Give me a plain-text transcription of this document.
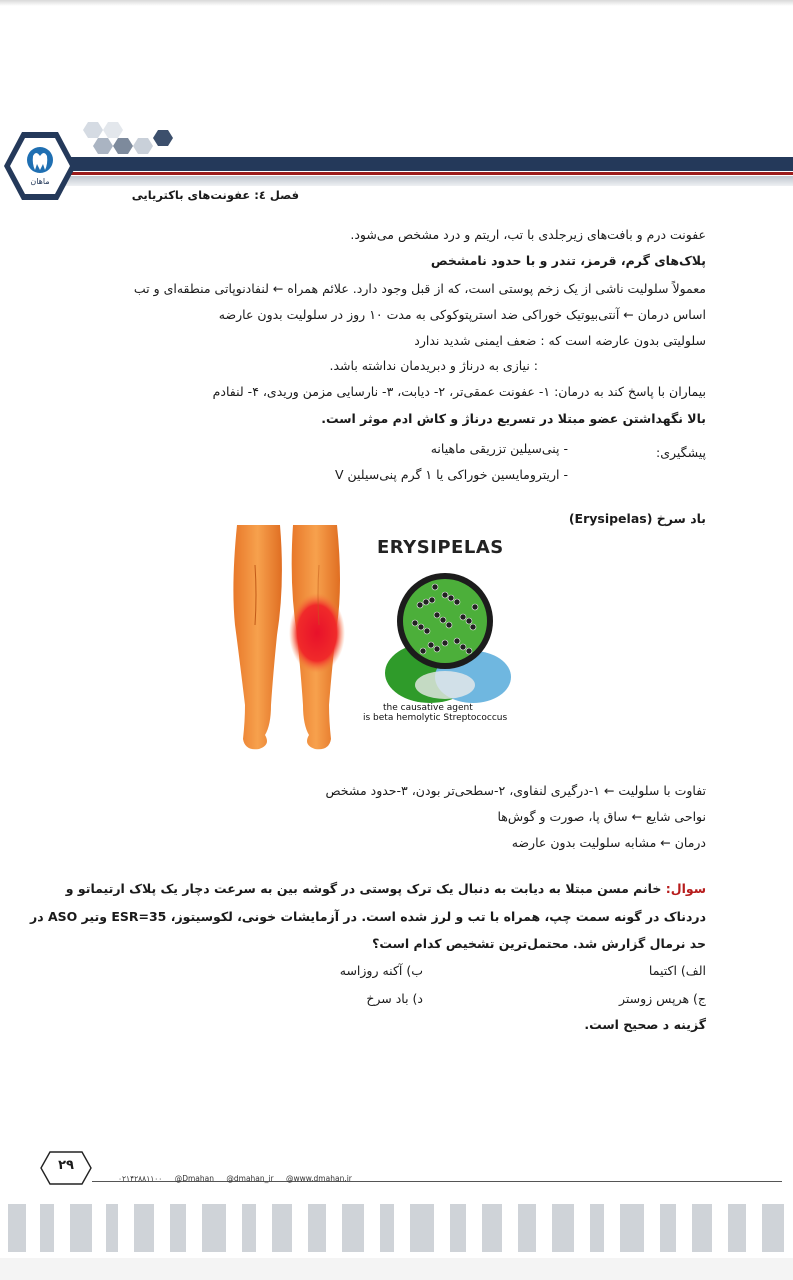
ماهان
فصل ٤: عفونت‌های باکتریایی
عفونت درم و بافت‌های زیرجلدی با تب، اریتم و درد مشخص می‌شود.
پلاک‌های گرم، قرمز، تندر و با حدود نامشخص
معمولاً سلولیت ناشی از یک زخم پوستی است، که از قبل وجود دارد. علائم همراه ← لنفادنوپاتی منطقه‌ای و تب
اساس درمان ← آنتی‌بیوتیک خوراکی ضد استرپتوکوکی به مدت ۱۰ روز در سلولیت بدون عارضه
سلولیتی بدون عارضه است که : ضعف ایمنی شدید ندارد
: نیازی به درناژ و دبریدمان نداشته باشد.
بیماران با پاسخ کند به درمان: ۱- عفونت عمقی‌تر، ۲- دیابت، ۳- نارسایی مزمن وریدی، ۴- لنفادم
بالا نگهداشتن عضو مبتلا در تسریع درناژ و کاش ادم موثر است.
پیشگیری:
- پنی‌سیلین تزریقی ماهیانه
- اریترومایسین خوراکی یا ۱ گرم پنی‌سیلین V
باد سرخ (Erysipelas)
ERYSIPELAS
the causative agent
is beta hemolytic Streptococcus
تفاوت با سلولیت ← ۱-درگیری لنفاوی، ۲-سطحی‌تر بودن، ۳-حدود مشخص
نواحی شایع ← ساق پا، صورت و گوش‌ها
درمان ← مشابه سلولیت بدون عارضه
سوال: خانم مسن مبتلا به دیابت به دنبال یک ترک پوستی در گوشه بین به سرعت دچار یک پلاک ارتیماتو و
دردناک در گونه سمت چپ، همراه با تب و لرز شده است. در آزمایشات خونی، لکوسیتوز، ESR=35 وتیر ASO در
حد نرمال گزارش شد. محتمل‌ترین تشخیص کدام است؟
الف) اکتیما
ب) آکنه روزاسه
ج) هرپس زوستر
د) باد سرخ
گزینه د صحیح است.
۲۹
۰۲۱۴۲۸۸۱۱۰۰ @Dmahan @dmahan_ir @www.dmahan.ir
